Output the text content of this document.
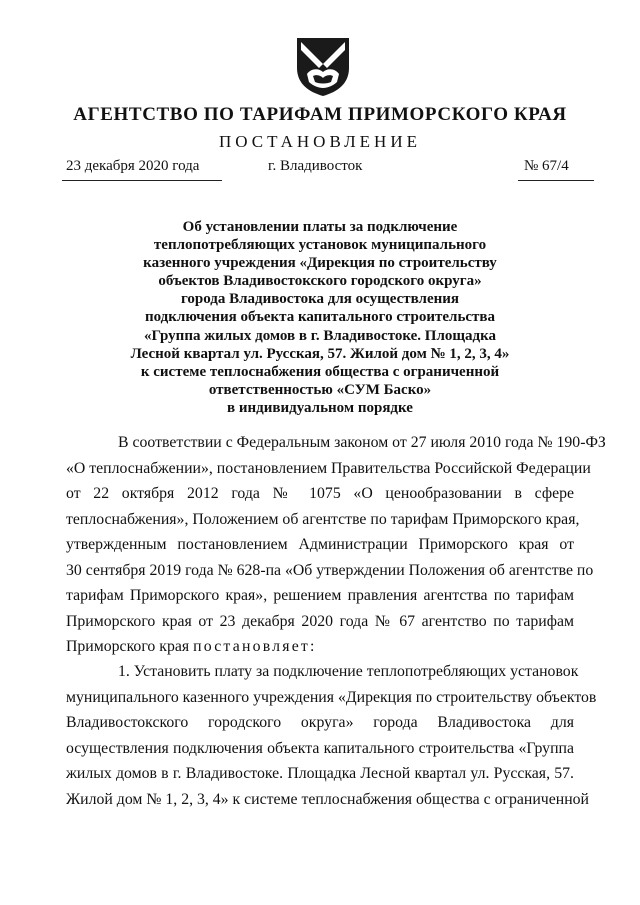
АГЕНТСТВО ПО ТАРИФАМ ПРИМОРСКОГО КРАЯ
ПОСТАНОВЛЕНИЕ
23 декабря 2020 года	г. Владивосток	№ 67/4
Об установлении платы за подключение
теплопотребляющих установок муниципального
казенного учреждения «Дирекция по строительству
объектов Владивостокского городского округа»
города Владивостока для осуществления
подключения объекта капитального строительства
«Группа жилых домов в г. Владивостоке. Площадка
Лесной квартал ул. Русская, 57. Жилой дом № 1, 2, 3, 4»
к системе теплоснабжения общества с ограниченной
ответственностью «СУМ Баско»
в индивидуальном порядке
В соответствии с Федеральным законом от 27 июля 2010 года № 190-ФЗ
«О теплоснабжении», постановлением Правительства Российской Федерации
от 22 октября 2012 года № 1075 «О ценообразовании в сфере
теплоснабжения», Положением об агентстве по тарифам Приморского края,
утвержденным постановлением Администрации Приморского края от
30 сентября 2019 года № 628-па «Об утверждении Положения об агентстве по
тарифам Приморского края», решением правления агентства по тарифам
Приморского края от 23 декабря 2020 года № 67 агентство по тарифам
Приморского края постановляет:
1. Установить плату за подключение теплопотребляющих установок
муниципального казенного учреждения «Дирекция по строительству объектов
Владивостокского городского округа» города Владивостока для
осуществления подключения объекта капитального строительства «Группа
жилых домов в г. Владивостоке. Площадка Лесной квартал ул. Русская, 57.
Жилой дом № 1, 2, 3, 4» к системе теплоснабжения общества с ограниченной
